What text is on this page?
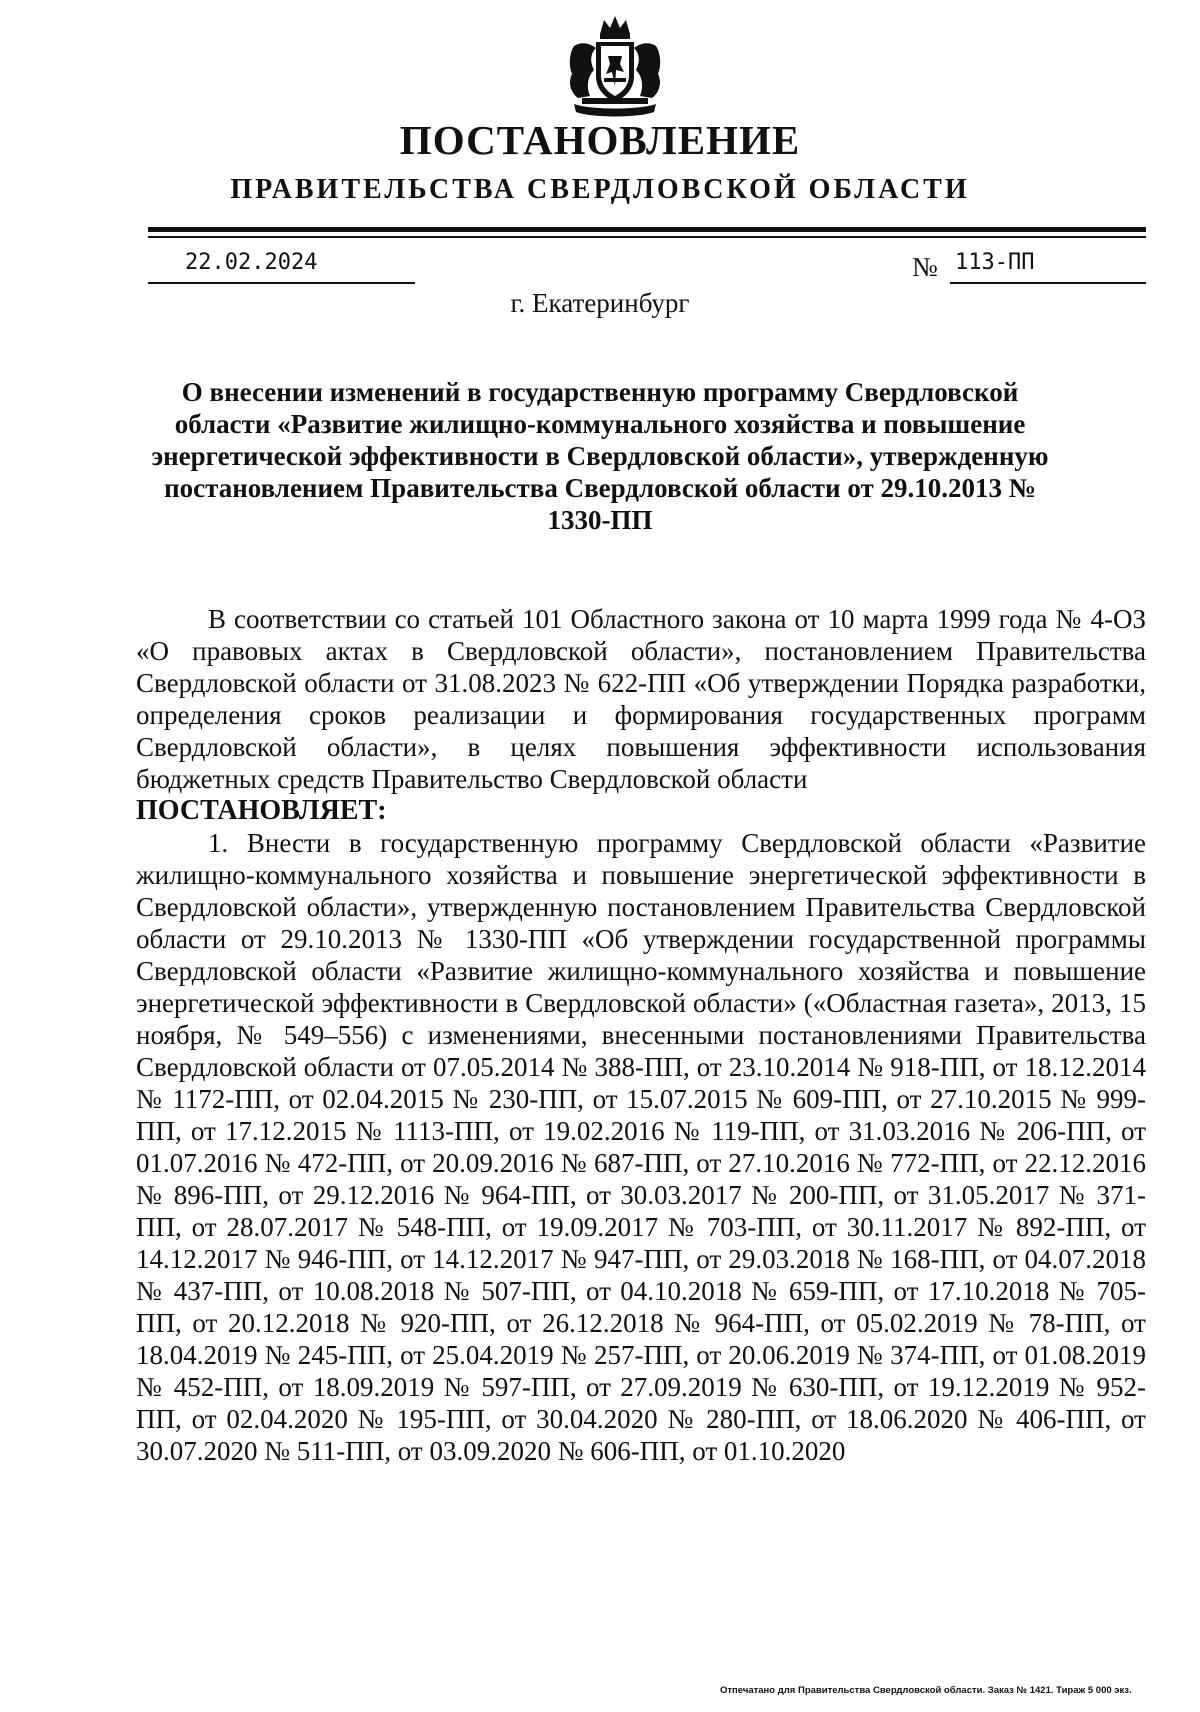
ПОСТАНОВЛЕНИЕ
ПРАВИТЕЛЬСТВА СВЕРДЛОВСКОЙ ОБЛАСТИ
22.02.2024	№ 113-ПП
г. Екатеринбург
О внесении изменений в государственную программу Свердловской области «Развитие жилищно-коммунального хозяйства и повышение энергетической эффективности в Свердловской области», утвержденную постановлением Правительства Свердловской области от 29.10.2013 № 1330-ПП

В соответствии со статьей 101 Областного закона от 10 марта 1999 года № 4-ОЗ «О правовых актах в Свердловской области», постановлением Правительства Свердловской области от 31.08.2023 № 622-ПП «Об утверждении Порядка разработки, определения сроков реализации и формирования государственных программ Свердловской области», в целях повышения эффективности использования бюджетных средств Правительство Свердловской области

ПОСТАНОВЛЯЕТ:

1. Внести в государственную программу Свердловской области «Развитие жилищно-коммунального хозяйства и повышение энергетической эффективности в Свердловской области», утвержденную постановлением Правительства Свердловской области от 29.10.2013 № 1330-ПП «Об утверждении государственной программы Свердловской области «Развитие жилищно-коммунального хозяйства и повышение энергетической эффективности в Свердловской области» («Областная газета», 2013, 15 ноября, № 549–556) с изменениями, внесенными постановлениями Правительства Свердловской области от 07.05.2014 № 388-ПП, от 23.10.2014 № 918-ПП, от 18.12.2014 № 1172-ПП, от 02.04.2015 № 230-ПП, от 15.07.2015 № 609-ПП, от 27.10.2015 № 999-ПП, от 17.12.2015 № 1113-ПП, от 19.02.2016 № 119-ПП, от 31.03.2016 № 206-ПП, от 01.07.2016 № 472-ПП, от 20.09.2016 № 687-ПП, от 27.10.2016 № 772-ПП, от 22.12.2016 № 896-ПП, от 29.12.2016 № 964-ПП, от 30.03.2017 № 200-ПП, от 31.05.2017 № 371-ПП, от 28.07.2017 № 548-ПП, от 19.09.2017 № 703-ПП, от 30.11.2017 № 892-ПП, от 14.12.2017 № 946-ПП, от 14.12.2017 № 947-ПП, от 29.03.2018 № 168-ПП, от 04.07.2018 № 437-ПП, от 10.08.2018 № 507-ПП, от 04.10.2018 № 659-ПП, от 17.10.2018 № 705-ПП, от 20.12.2018 № 920-ПП, от 26.12.2018 № 964-ПП, от 05.02.2019 № 78-ПП, от 18.04.2019 № 245-ПП, от 25.04.2019 № 257-ПП, от 20.06.2019 № 374-ПП, от 01.08.2019 № 452-ПП, от 18.09.2019 № 597-ПП, от 27.09.2019 № 630-ПП, от 19.12.2019 № 952-ПП, от 02.04.2020 № 195-ПП, от 30.04.2020 № 280-ПП, от 18.06.2020 № 406-ПП, от 30.07.2020 № 511-ПП, от 03.09.2020 № 606-ПП, от 01.10.2020

Отпечатано для Правительства Свердловской области. Заказ № 1421. Тираж 5 000 экз.
